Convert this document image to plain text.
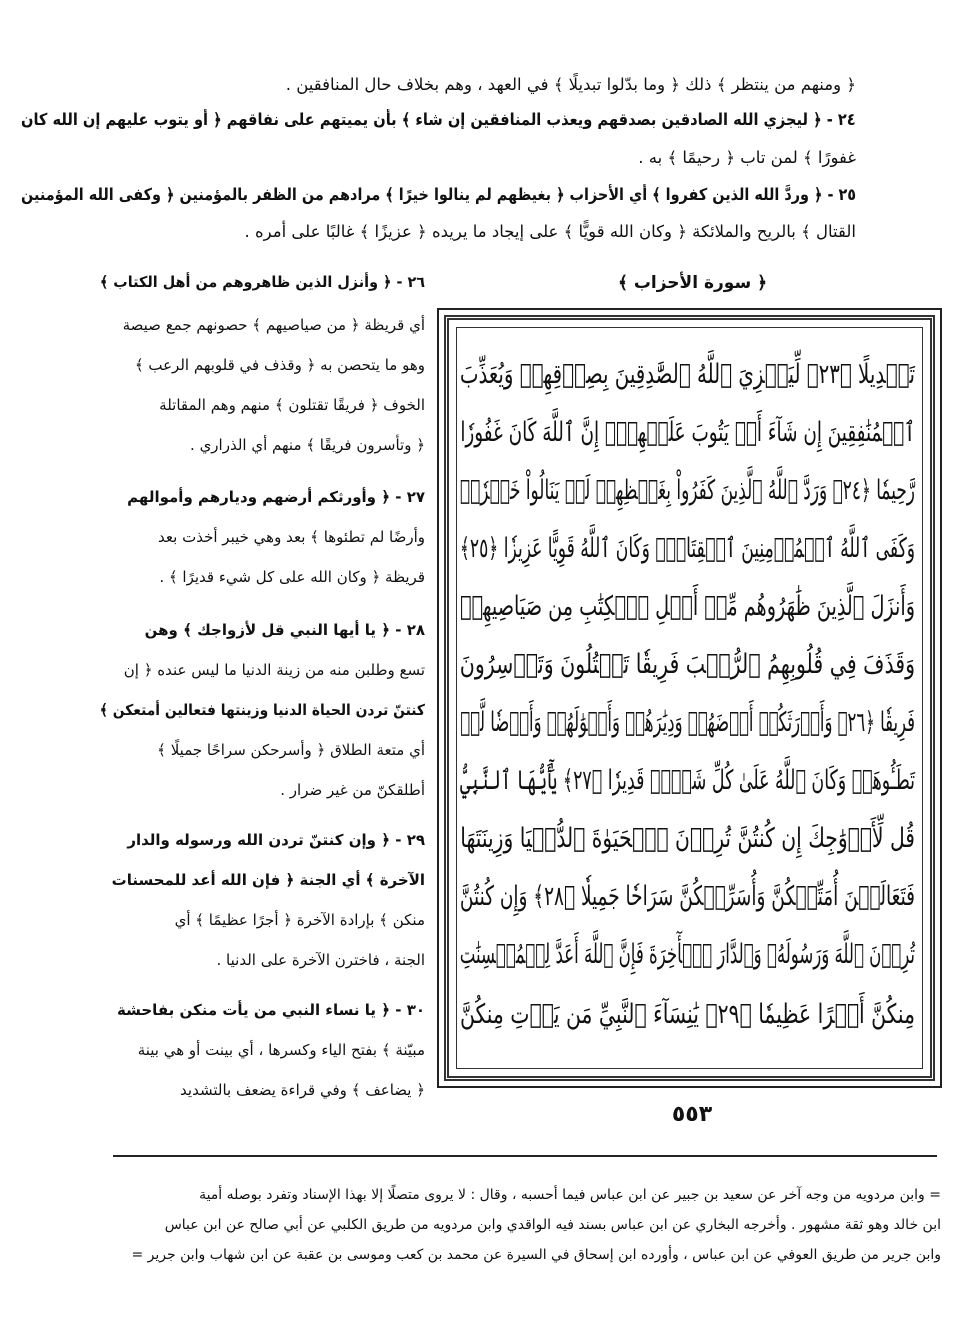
﴿ ومنهم من ينتظر ﴾ ذلك ﴿ وما بدّلوا تبديلًا ﴾ في العهد ، وهم بخلاف حال المنافقين .
٢٤ - ﴿ ليجزي الله الصادقين بصدقهم ويعذب المنافقين إن شاء ﴾ بأن يميتهم على نفاقهم ﴿ أو يتوب عليهم إن الله كان
غفورًا ﴾ لمن تاب ﴿ رحيمًا ﴾ به .
٢٥ - ﴿ وردَّ الله الذين كفروا ﴾ أي الأحزاب ﴿ بغيظهم لم ينالوا خيرًا ﴾ مرادهم من الظفر بالمؤمنين ﴿ وكفى الله المؤمنين
القتال ﴾ بالريح والملائكة ﴿ وكان الله قويًّا ﴾ على إيجاد ما يريده ﴿ عزيزًا ﴾ غالبًا على أمره .
﴿ سورة الأحزاب ﴾
تَبۡدِيلًا ﴿٢٣﴾ لِّيَجۡزِيَ ٱللَّهُ ٱلصَّٰدِقِينَ بِصِدۡقِهِمۡ وَيُعَذِّبَ
ٱلۡمُنَٰفِقِينَ إِن شَآءَ أَوۡ يَتُوبَ عَلَيۡهِمۡۚ إِنَّ ٱللَّهَ كَانَ غَفُورٗا
رَّحِيمٗا ﴿٢٤﴾ وَرَدَّ ٱللَّهُ ٱلَّذِينَ كَفَرُواْ بِغَيۡظِهِمۡ لَمۡ يَنَالُواْ خَيۡرٗاۚ
وَكَفَى ٱللَّهُ ٱلۡمُؤۡمِنِينَ ٱلۡقِتَالَۚ وَكَانَ ٱللَّهُ قَوِيًّا عَزِيزٗا ﴿٢٥﴾
وَأَنزَلَ ٱلَّذِينَ ظَٰهَرُوهُم مِّنۡ أَهۡلِ ٱلۡكِتَٰبِ مِن صَيَاصِيهِمۡ
وَقَذَفَ فِي قُلُوبِهِمُ ٱلرُّعۡبَ فَرِيقٗا تَقۡتُلُونَ وَتَأۡسِرُونَ
فَرِيقٗا ﴿٢٦﴾ وَأَوۡرَثَكُمۡ أَرۡضَهُمۡ وَدِيَٰرَهُمۡ وَأَمۡوَٰلَهُمۡ وَأَرۡضٗا لَّمۡ
تَطَـُٔوهَاۚ وَكَانَ ٱللَّهُ عَلَىٰ كُلِّ شَيۡءٖ قَدِيرٗا ﴿٢٧﴾ يَٰٓأَيُّهَا ٱلنَّبِيُّ
قُل لِّأَزۡوَٰجِكَ إِن كُنتُنَّ تُرِدۡنَ ٱلۡحَيَوٰةَ ٱلدُّنۡيَا وَزِينَتَهَا
فَتَعَالَيۡنَ أُمَتِّعۡكُنَّ وَأُسَرِّحۡكُنَّ سَرَاحٗا جَمِيلٗا ﴿٢٨﴾ وَإِن كُنتُنَّ
تُرِدۡنَ ٱللَّهَ وَرَسُولَهُۥ وَٱلدَّارَ ٱلۡأٓخِرَةَ فَإِنَّ ٱللَّهَ أَعَدَّ لِلۡمُحۡسِنَٰتِ
مِنكُنَّ أَجۡرًا عَظِيمٗا ﴿٢٩﴾ يَٰنِسَآءَ ٱلنَّبِيِّ مَن يَأۡتِ مِنكُنَّ
٢٦ - ﴿ وأنزل الذين ظاهروهم من أهل الكتاب ﴾
أي قريظة ﴿ من صياصيهم ﴾ حصونهم جمع صيصة
وهو ما يتحصن به ﴿ وقذف في قلوبهم الرعب ﴾
الخوف ﴿ فريقًا تقتلون ﴾ منهم وهم المقاتلة
﴿ وتأسرون فريقًا ﴾ منهم أي الذراري .
٢٧ - ﴿ وأورثكم أرضهم وديارهم وأموالهم
وأرضًا لم تطئوها ﴾ بعد وهي خيبر أخذت بعد
قريظة ﴿ وكان الله على كل شيء قديرًا ﴾ .
٢٨ - ﴿ يا أيها النبي قل لأزواجك ﴾ وهن
تسع وطلبن منه من زينة الدنيا ما ليس عنده ﴿ إن
كنتنّ تردن الحياة الدنيا وزينتها فتعالين أمتعكن ﴾
أي متعة الطلاق ﴿ وأسرحكن سراحًا جميلًا ﴾
أطلقكنّ من غير ضرار .
٢٩ - ﴿ وإن كنتنّ تردن الله ورسوله والدار
الآخرة ﴾ أي الجنة ﴿ فإن الله أعد للمحسنات
منكن ﴾ بإرادة الآخرة ﴿ أجرًا عظيمًا ﴾ أي
الجنة ، فاخترن الآخرة على الدنيا .
٣٠ - ﴿ يا نساء النبي من يأت منكن بفاحشة
مبيّنة ﴾ بفتح الياء وكسرها ، أي بينت أو هي بينة
﴿ يضاعف ﴾ وفي قراءة يضعف بالتشديد
٥٥٣
= وابن مردويه من وجه آخر عن سعيد بن جبير عن ابن عباس فيما أحسبه ، وقال : لا يروى متصلًا إلا بهذا الإسناد وتفرد بوصله أمية
ابن خالد وهو ثقة مشهور . وأخرجه البخاري عن ابن عباس بسند فيه الواقدي وابن مردويه من طريق الكلبي عن أبي صالح عن ابن عباس
وابن جرير من طريق العوفي عن ابن عباس ، وأورده ابن إسحاق في السيرة عن محمد بن كعب وموسى بن عقبة عن ابن شهاب وابن جرير =
